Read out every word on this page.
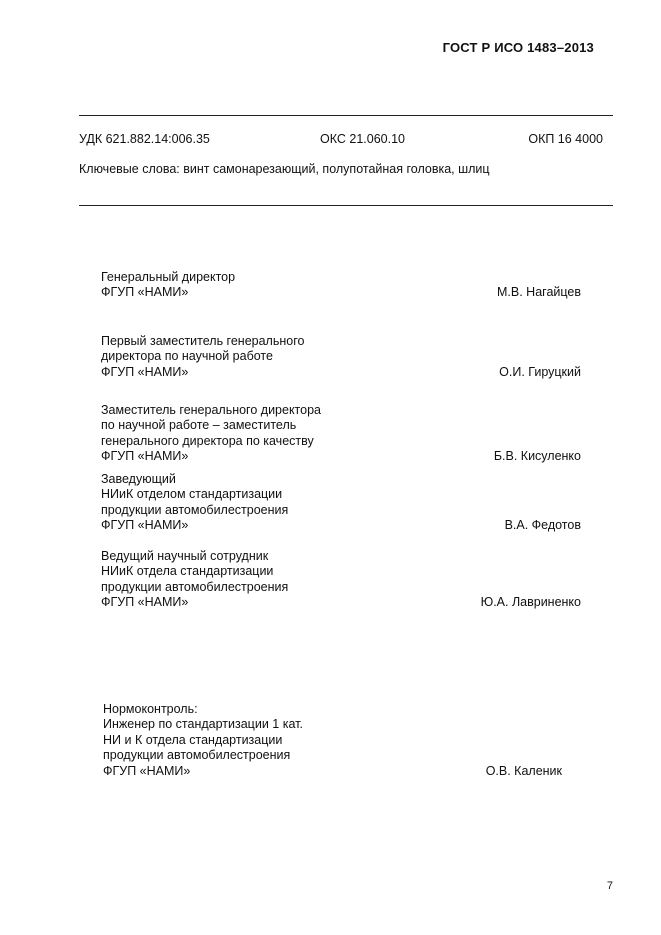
ГОСТ Р ИСО 1483–2013
УДК 621.882.14:006.35	ОКС 21.060.10	ОКП 16 4000
Ключевые слова: винт самонарезающий, полупотайная головка, шлиц
Генеральный директор
ФГУП «НАМИ»	М.В. Нагайцев
Первый заместитель генерального
директора по научной работе
ФГУП «НАМИ»	О.И. Гируцкий
Заместитель генерального директора
по научной работе – заместитель
генерального директора по качеству
ФГУП «НАМИ»	Б.В. Кисуленко
Заведующий
НИиК отделом стандартизации
продукции автомобилестроения
ФГУП «НАМИ»	В.А. Федотов
Ведущий научный сотрудник
НИиК отдела стандартизации
продукции автомобилестроения
ФГУП «НАМИ»	Ю.А. Лавриненко
Нормоконтроль:
Инженер по стандартизации 1 кат.
НИ и К отдела стандартизации
продукции автомобилестроения
ФГУП «НАМИ»	О.В. Каленик
7
